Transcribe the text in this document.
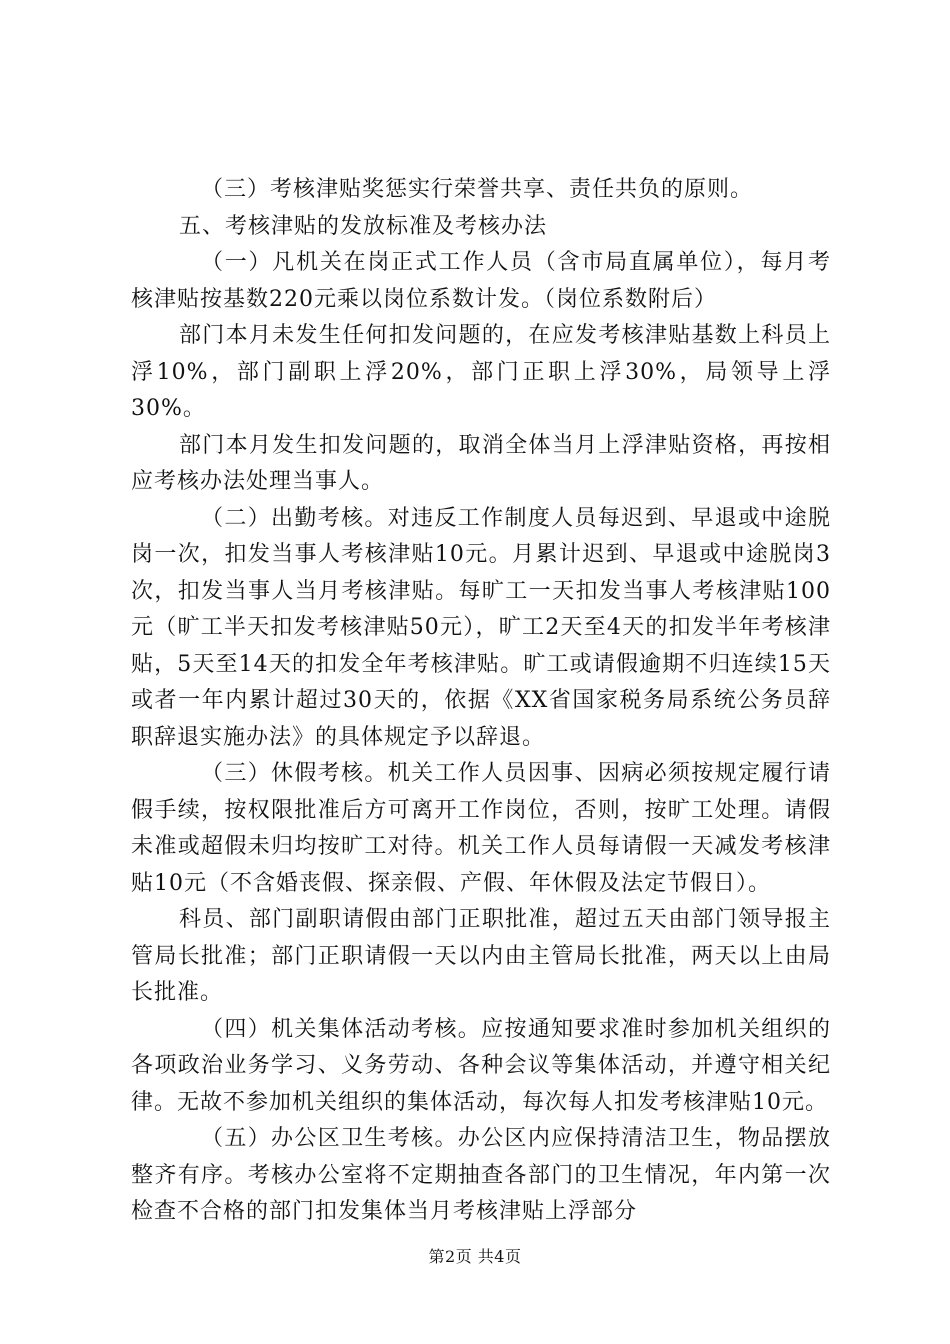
（三）考核津贴奖惩实行荣誉共享、责任共负的原则。

五、考核津贴的发放标准及考核办法

（一）凡机关在岗正式工作人员（含市局直属单位），每月考核津贴按基数220元乘以岗位系数计发。（岗位系数附后）

部门本月未发生任何扣发问题的，在应发考核津贴基数上科员上浮10%，部门副职上浮20%，部门正职上浮30%，局领导上浮30%。

部门本月发生扣发问题的，取消全体当月上浮津贴资格，再按相应考核办法处理当事人。

（二）出勤考核。对违反工作制度人员每迟到、早退或中途脱岗一次，扣发当事人考核津贴10元。月累计迟到、早退或中途脱岗3次，扣发当事人当月考核津贴。每旷工一天扣发当事人考核津贴100元（旷工半天扣发考核津贴50元），旷工2天至4天的扣发半年考核津贴，5天至14天的扣发全年考核津贴。旷工或请假逾期不归连续15天或者一年内累计超过30天的，依据《XX省国家税务局系统公务员辞职辞退实施办法》的具体规定予以辞退。

（三）休假考核。机关工作人员因事、因病必须按规定履行请假手续，按权限批准后方可离开工作岗位，否则，按旷工处理。请假未准或超假未归均按旷工对待。机关工作人员每请假一天减发考核津贴10元（不含婚丧假、探亲假、产假、年休假及法定节假日）。

科员、部门副职请假由部门正职批准，超过五天由部门领导报主管局长批准；部门正职请假一天以内由主管局长批准，两天以上由局长批准。

（四）机关集体活动考核。应按通知要求准时参加机关组织的各项政治业务学习、义务劳动、各种会议等集体活动，并遵守相关纪律。无故不参加机关组织的集体活动，每次每人扣发考核津贴10元。

（五）办公区卫生考核。办公区内应保持清洁卫生，物品摆放整齐有序。考核办公室将不定期抽查各部门的卫生情况，年内第一次检查不合格的部门扣发集体当月考核津贴上浮部分

第2页 共4页
